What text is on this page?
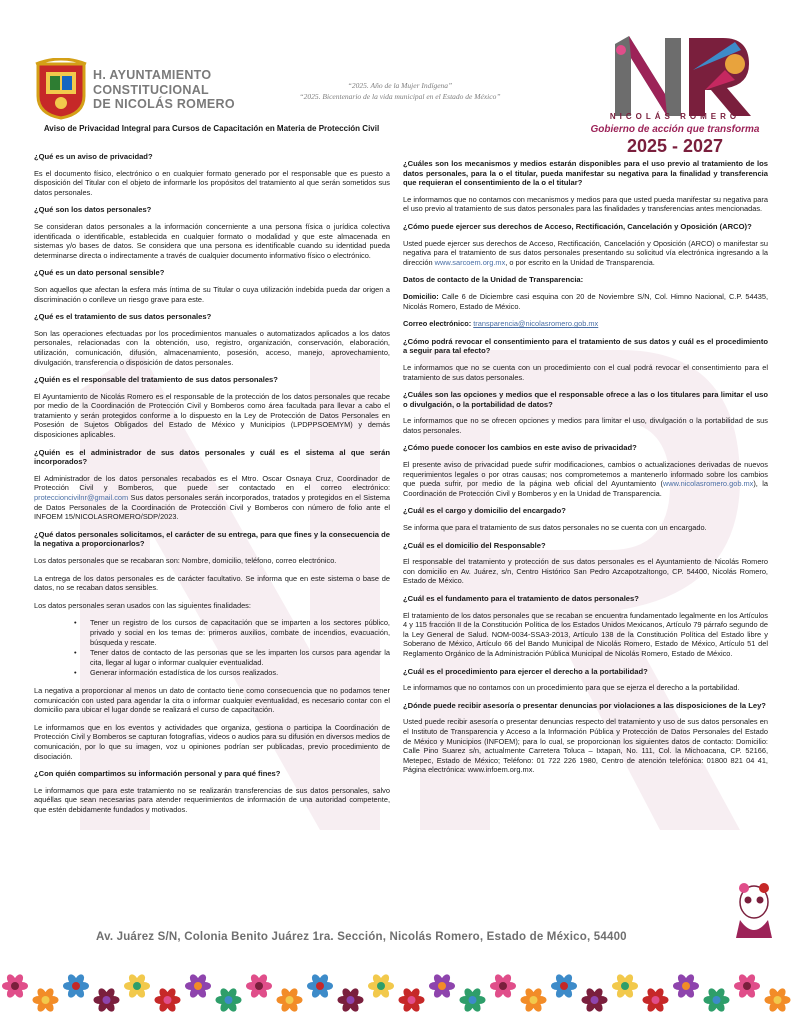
H. AYUNTAMIENTO
CONSTITUCIONAL
DE NICOLÁS ROMERO
“2025. Año de la Mujer Indígena”
“2025. Bicentenario de la vida municipal en el Estado de México”
NICOLÁS ROMERO
Gobierno de acción que transforma
2025 - 2027
Aviso de Privacidad Integral para Cursos de Capacitación en Materia de Protección Civil
¿Qué es un aviso de privacidad?

Es el documento físico, electrónico o en cualquier formato generado por el responsable que es puesto a disposición del Titular con el objeto de informarle los propósitos del tratamiento al que serán sometidos sus datos personales.

¿Qué son los datos personales?

Se consideran datos personales a la información concerniente a una persona física o jurídica colectiva identificada o identificable, establecida en cualquier formato o modalidad y que este almacenada en sistemas y/o bases de datos. Se considera que una persona es identificable cuando su identidad pueda determinarse directa o indirectamente a través de cualquier documento informativo físico o electrónico.

¿Qué es un dato personal sensible?

Son aquellos que afectan la esfera más íntima de su Titular o cuya utilización indebida pueda dar origen a discriminación o conlleve un riesgo grave para este.

¿Qué es el tratamiento de sus datos personales?

Son las operaciones efectuadas por los procedimientos manuales o automatizados aplicados a los datos personales, relacionadas con la obtención, uso, registro, organización, conservación, elaboración, utilización, comunicación, difusión, almacenamiento, posesión, acceso, manejo, aprovechamiento, divulgación, transferencia o disposición de datos personales.

¿Quién es el responsable del tratamiento de sus datos personales?

El Ayuntamiento de Nicolás Romero es el responsable de la protección de los datos personales que recabe por medio de la Coordinación de Protección Civil y Bomberos como área facultada para llevar a cabo el tratamiento y serán protegidos conforme a lo dispuesto en la Ley de Protección de Datos Personales en Posesión de Sujetos Obligados del Estado de México y Municipios (LPDPPSOEMYM) y demás disposiciones aplicables.

¿Quién es el administrador de sus datos personales y cuál es el sistema al que serán incorporados?

El Administrador de los datos personales recabados es el Mtro. Oscar Osnaya Cruz, Coordinador de Protección Civil y Bomberos, que puede ser contactado en el correo electrónico: proteccioncivilnr@gmail.com Sus datos personales serán incorporados, tratados y protegidos en el Sistema de Datos Personales de la Coordinación de Protección Civil y Bomberos con número de folio ante el INFOEM 15/NICOLASROMERO/SDP/2023.

¿Qué datos personales solicitamos, el carácter de su entrega, para que fines y la consecuencia de la negativa a proporcionarlos?

Los datos personales que se recabaran son: Nombre, domicilio, teléfono, correo electrónico.

La entrega de los datos personales es de carácter facultativo. Se informa que en este sistema o base de datos, no se recaban datos sensibles.

Los datos personales seran usados con las siguientes finalidades:

• Tener un registro de los cursos de capacitación que se imparten a los sectores público, privado y social en los temas de: primeros auxilios, combate de incendios, evacuación, búsqueda y rescate.
• Tener datos de contacto de las personas que se les imparten los cursos para agendar la cita, llegar al lugar o informar cualquier eventualidad.
• Generar información estadística de los cursos realizados.

La negativa a proporcionar al menos un dato de contacto tiene como consecuencia que no podamos tener comunicación con usted para agendar la cita o informar cualquier eventualidad, es necesario contar con el domicilio para ubicar el lugar donde se realizará el curso de capacitación.

Le informamos que en los eventos y actividades que organiza, gestiona o participa la Coordinación de Protección Civil y Bomberos se capturan fotografías, videos o audios para su difusión en diversos medios de comunicación, por lo que su imagen, voz u opiniones podrían ser publicadas, previo procedimiento de disociación.

¿Con quién compartimos su información personal y para qué fines?

Le informamos que para este tratamiento no se realizarán transferencias de sus datos personales, salvo aquéllas que sean necesarias para atender requerimientos de información de una autoridad competente, que estén debidamente fundados y motivados.

¿Cuáles son los mecanismos y medios estarán disponibles para el uso previo al tratamiento de los datos personales, para la o el titular, pueda manifestar su negativa para la finalidad y transferencia que requieran el consentimiento de la o el titular?

Le informamos que no contamos con mecanismos y medios para que usted pueda manifestar su negativa para el uso previo al tratamiento de sus datos personales para las finalidades y transferencias antes mencionadas.

¿Cómo puede ejercer sus derechos de Acceso, Rectificación, Cancelación y Oposición (ARCO)?

Usted puede ejercer sus derechos de Acceso, Rectificación, Cancelación y Oposición (ARCO) o manifestar su negativa para el tratamiento de sus datos personales presentando su solicitud vía electrónica ingresando a la dirección www.sarcoem.org.mx, o por escrito en la Unidad de Transparencia.

Datos de contacto de la Unidad de Transparencia:

Domicilio: Calle 6 de Diciembre casi esquina con 20 de Noviembre S/N, Col. Himno Nacional, C.P. 54435, Nicolás Romero, Estado de México.

Correo electrónico: transparencia@nicolasromero.gob.mx

¿Cómo podrá revocar el consentimiento para el tratamiento de sus datos y cuál es el procedimiento a seguir para tal efecto?

Le informamos que no se cuenta con un procedimiento con el cual podrá revocar el consentimiento para el tratamiento de sus datos personales.

¿Cuáles son las opciones y medios que el responsable ofrece a las o los titulares para limitar el uso o divulgación, o la portabilidad de datos?

Le informamos que no se ofrecen opciones y medios para limitar el uso, divulgación o la portabilidad de sus datos personales.

¿Cómo puede conocer los cambios en este aviso de privacidad?

El presente aviso de privacidad puede sufrir modificaciones, cambios o actualizaciones derivadas de nuevos requerimientos legales o por otras causas; nos comprometemos a mantenerlo informado sobre los cambios que pueda sufrir, por medio de la página web oficial del Ayuntamiento (www.nicolasromero.gob.mx), la Coordinación de Protección Civil y Bomberos y en la Unidad de Transparencia.

¿Cuál es el cargo y domicilio del encargado?

Se informa que para el tratamiento de sus datos personales no se cuenta con un encargado.

¿Cuál es el domicilio del Responsable?

El responsable del tratamiento y protección de sus datos personales es el Ayuntamiento de Nicolás Romero con domicilio en Av. Juárez, s/n, Centro Histórico San Pedro Azcapotzaltongo, CP. 54400, Nicolás Romero, Estado de México.

¿Cuál es el fundamento para el tratamiento de datos personales?

El tratamiento de los datos personales que se recaban se encuentra fundamentado legalmente en los Artículos 4 y 115 fracción II de la Constitución Política de los Estados Unidos Mexicanos, Artículo 79 párrafo segundo de la Ley General de Salud. NOM-0034-SSA3-2013, Artículo 138 de la Constitución Política del Estado libre y Soberano de México, Artículo 66 del Bando Municipal de Nicolás Romero, Estado de México, Artículo 51 del Reglamento Orgánico de la Administración Pública Municipal de Nicolás Romero, Estado de México.

¿Cuál es el procedimiento para ejercer el derecho a la portabilidad?

Le informamos que no contamos con un procedimiento para que se ejerza el derecho a la portabilidad.

¿Dónde puede recibir asesoría o presentar denuncias por violaciones a las disposiciones de la Ley?

Usted puede recibir asesoría o presentar denuncias respecto del tratamiento y uso de sus datos personales en el Instituto de Transparencia y Acceso a la Información Pública y Protección de Datos Personales del Estado de México y Municipios (INFOEM); para lo cual, se proporcionan los siguientes datos de contacto: Domicilio: Calle Pino Suarez s/n, actualmente Carretera Toluca – Ixtapan, No. 111, Col. la Michoacana, CP. 52166, Metepec, Estado de México; Teléfono: 01 722 226 1980, Centro de atención telefónica: 01800 821 04 41, Página electrónica: www.infoem.org.mx.

Av. Juárez S/N, Colonia Benito Juárez 1ra. Sección, Nicolás Romero, Estado de México, 54400
